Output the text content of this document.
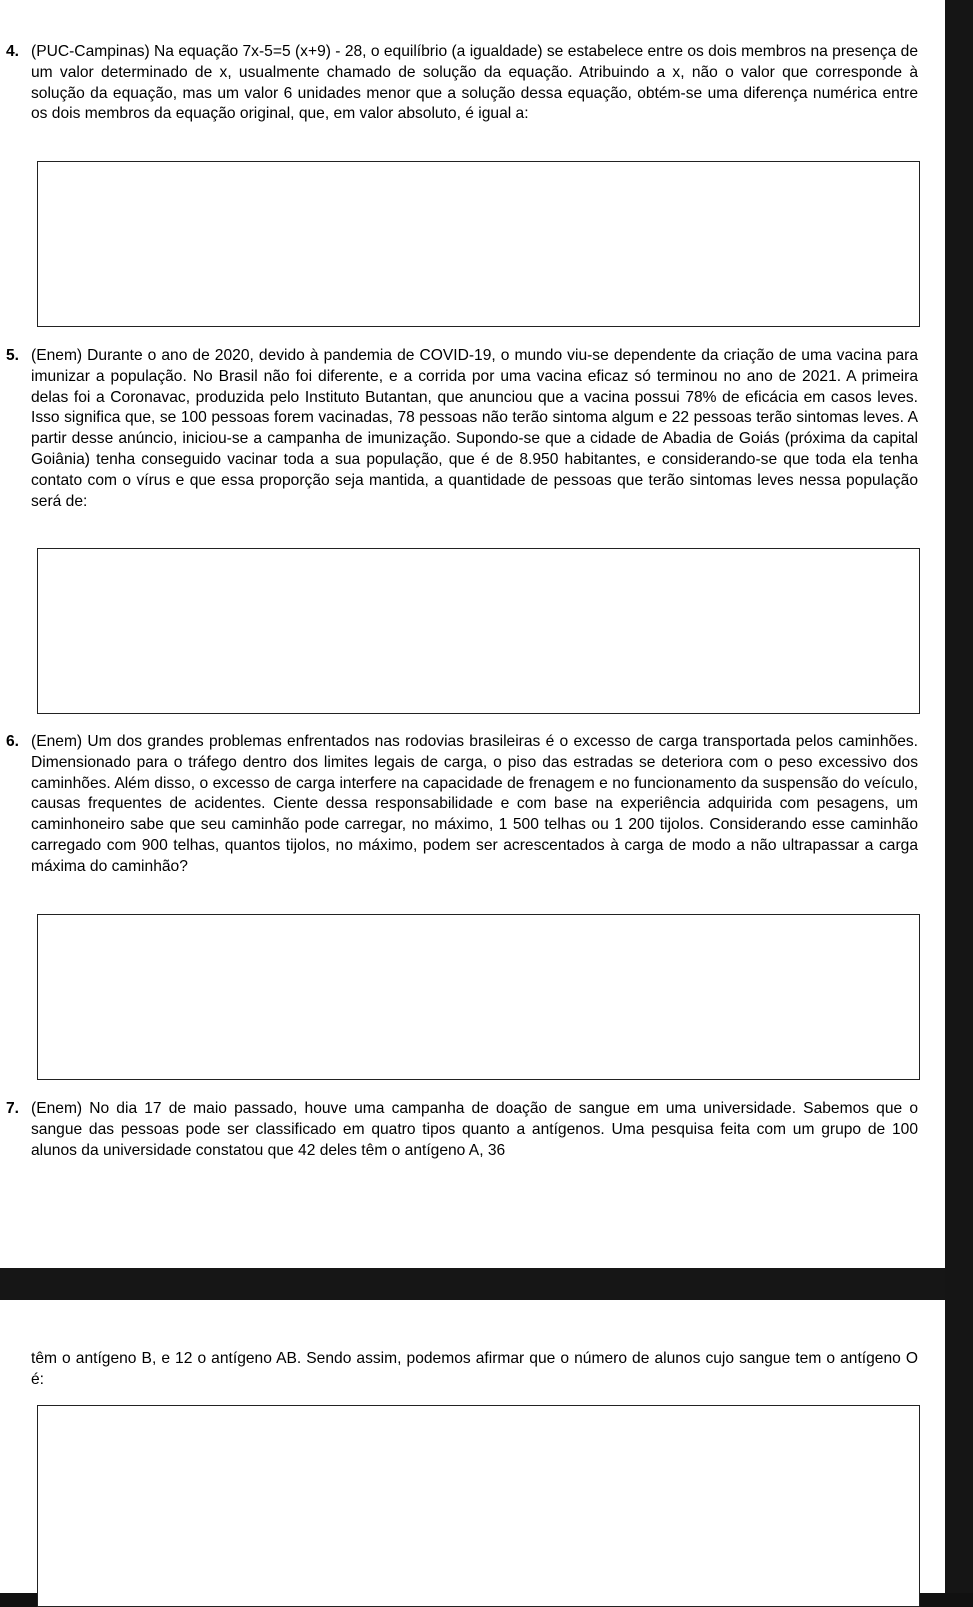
4. (PUC-Campinas) Na equação 7x-5=5 (x+9) - 28, o equilíbrio (a igualdade) se estabelece entre os dois membros na presença de um valor determinado de x, usualmente chamado de solução da equação. Atribuindo a x, não o valor que corresponde à solução da equação, mas um valor 6 unidades menor que a solução dessa equação, obtém-se uma diferença numérica entre os dois membros da equação original, que, em valor absoluto, é igual a:
5. (Enem) Durante o ano de 2020, devido à pandemia de COVID-19, o mundo viu-se dependente da criação de uma vacina para imunizar a população. No Brasil não foi diferente, e a corrida por uma vacina eficaz só terminou no ano de 2021. A primeira delas foi a Coronavac, produzida pelo Instituto Butantan, que anunciou que a vacina possui 78% de eficácia em casos leves. Isso significa que, se 100 pessoas forem vacinadas, 78 pessoas não terão sintoma algum e 22 pessoas terão sintomas leves. A partir desse anúncio, iniciou-se a campanha de imunização. Supondo-se que a cidade de Abadia de Goiás (próxima da capital Goiânia) tenha conseguido vacinar toda a sua população, que é de 8.950 habitantes, e considerando-se que toda ela tenha contato com o vírus e que essa proporção seja mantida, a quantidade de pessoas que terão sintomas leves nessa população será de:
6. (Enem) Um dos grandes problemas enfrentados nas rodovias brasileiras é o excesso de carga transportada pelos caminhões. Dimensionado para o tráfego dentro dos limites legais de carga, o piso das estradas se deteriora com o peso excessivo dos caminhões. Além disso, o excesso de carga interfere na capacidade de frenagem e no funcionamento da suspensão do veículo, causas frequentes de acidentes. Ciente dessa responsabilidade e com base na experiência adquirida com pesagens, um caminhoneiro sabe que seu caminhão pode carregar, no máximo, 1 500 telhas ou 1 200 tijolos. Considerando esse caminhão carregado com 900 telhas, quantos tijolos, no máximo, podem ser acrescentados à carga de modo a não ultrapassar a carga máxima do caminhão?
7. (Enem) No dia 17 de maio passado, houve uma campanha de doação de sangue em uma universidade. Sabemos que o sangue das pessoas pode ser classificado em quatro tipos quanto a antígenos. Uma pesquisa feita com um grupo de 100 alunos da universidade constatou que 42 deles têm o antígeno A, 36
têm o antígeno B, e 12 o antígeno AB. Sendo assim, podemos afirmar que o número de alunos cujo sangue tem o antígeno O é:
